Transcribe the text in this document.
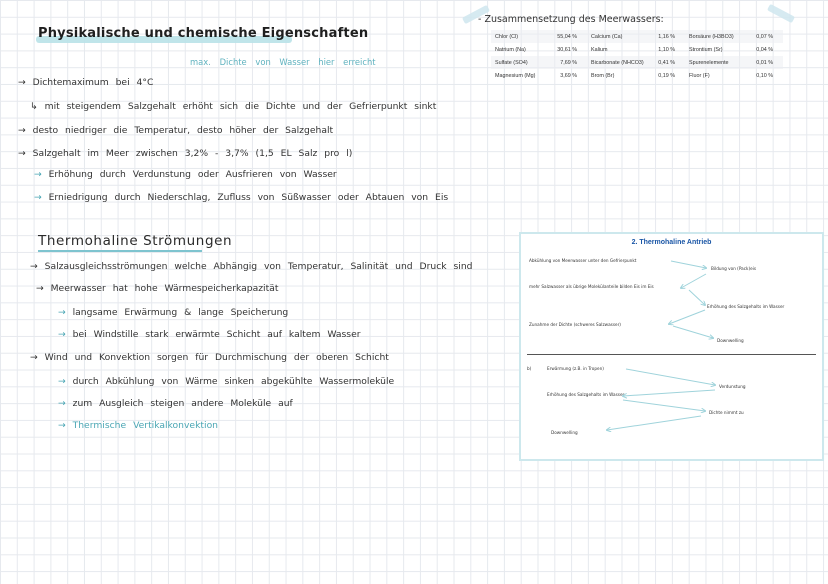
Physikalische und chemische Eigenschaften
max. Dichte von Wasser hier erreicht
→ Dichtemaximum bei 4°C
↳ mit steigendem Salzgehalt erhöht sich die Dichte und der Gefrierpunkt sinkt
→ desto niedriger die Temperatur, desto höher der Salzgehalt
→ Salzgehalt im Meer zwischen 3,2% - 3,7% (1,5 EL Salz pro l)
→ Erhöhung durch Verdunstung oder Ausfrieren von Wasser
→ Erniedrigung durch Niederschlag, Zufluss von Süßwasser oder Abtauen von Eis
- Zusammensetzung des Meerwassers:
Chlor (Cl)	55,04 %	Calcium (Ca)	1,16 %	Borsäure (H3BO3)	0,07 %
Natrium (Na)	30,61 %	Kalium	1,10 %	Strontium (Sr)	0,04 %
Sulfate (SO4)	7,69 %	Bicarbonate (NHCO3)	0,41 %	Spurenelemente	0,01 %
Magnesium (Mg)	3,69 %	Brom (Br)	0,19 %	Fluor (F)	0,10 %
Thermohaline Strömungen
→ Salzausgleichsströmungen welche Abhängig von Temperatur, Salinität und Druck sind
→ Meerwasser hat hohe Wärmespeicherkapazität
→ langsame Erwärmung & lange Speicherung
→ bei Windstille stark erwärmte Schicht auf kaltem Wasser
→ Wind und Konvektion sorgen für Durchmischung der oberen Schicht
→ durch Abkühlung von Wärme sinken abgekühlte Wassermoleküle
→ zum Ausgleich steigen andere Moleküle auf
→ Thermische Vertikalkonvektion
2. Thermohaline Antrieb
Abkühlung von Meerwasser unter den Gefrierpunkt
mehr Salzwasser als übrige Molekülanteile bilden Eis im Eis
Zunahme der Dichte (schweres Salzwasser)
Bildung von (Pack)eis
Erhöhung des Salzgehalts im Wasser
Downwelling
b)	Erwärmung (z.B. in Tropen)
Erhöhung des Salzgehalts im Wasser
Downwelling
Verdunstung
Dichte nimmt zu
